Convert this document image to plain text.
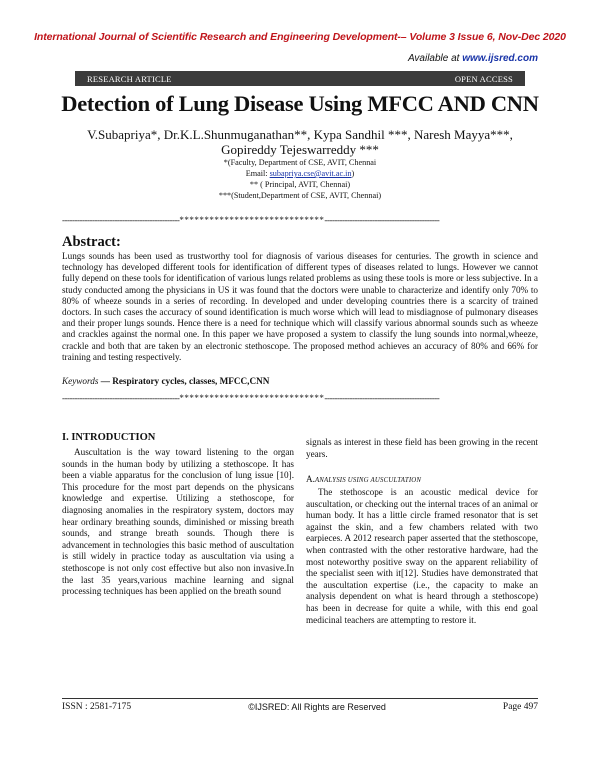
International Journal of Scientific Research and Engineering Development-– Volume 3 Issue 6, Nov-Dec 2020
Available at www.ijsred.com
RESEARCH ARTICLE	OPEN ACCESS
Detection of Lung Disease Using MFCC AND CNN
V.Subapriya*, Dr.K.L.Shunmuganathan**, Kypa Sandhil ***, Naresh Mayya***,
Gopireddy Tejeswarreddy ***
*(Faculty, Department of CSE, AVIT, Chennai
Email: subapriya.cse@avit.ac.in)
** ( Principal, AVIT, Chennai)
***(Student,Department of CSE, AVIT, Chennai)
-----------------------------------------------*****************************----------------------------------------------
Abstract:
Lungs sounds has been used as trustworthy tool for diagnosis of various diseases for centuries. The growth in science and technology has developed different tools for identification of different types of diseases related to lungs. However we cannot fully depend on these tools for identification of various lungs related problems as using these tools is more or less subjective. In a study conducted among the physicians in US it was found that the doctors were unable to characterize and identify only 70% to 80% of wheeze sounds in a series of recording. In developed and under developing countries there is a scarcity of trained doctors. In such cases the accuracy of sound identification is much worse which will lead to misdiagnose of pulmonary diseases and their proper lungs sounds. Hence there is a need for technique which will classify various abnormal sounds such as wheeze and crackles against the normal one. In this paper we have proposed a system to classify the lung sounds into normal,wheeze, crackle and both that are taken by an electronic stethoscope. The proposed method achieves an accuracy of 80% and 66% for training and testing respectively.
Keywords — Respiratory cycles, classes, MFCC,CNN
-----------------------------------------------*****************************----------------------------------------------
I. INTRODUCTION

Auscultation is the way toward listening to the organ sounds in the human body by utilizing a stethoscope. It has been a viable apparatus for the conclusion of lung issue [10]. This procedure for the most part depends on the physicans knowledge and expertise. Utilizing a stethoscope, for diagnosing anomalies in the respiratory system, doctors may hear ordinary breathing sounds, diminished or missing breath sounds, and strange breath sounds. Though there is advancement in technologies this basic method of auscultation is still widely in practice today as auscultation via using a stethoscope is not only cost effective but also non invasive.In the last 35 years,various machine learning and signal processing techniques has been applied on the breath sound

signals as interest in these field has been growing in the recent years.

A.ANALYSIS USING AUSCULTATION

The stethoscope is an acoustic medical device for auscultation, or checking out the internal traces of an animal or human body. It has a little circle framed resonator that is set against the skin, and a few chambers related with two earpieces. A 2012 research paper asserted that the stethoscope, when contrasted with the other restorative hardware, had the most noteworthy positive sway on the apparent reliability of the specialist seen with it[12]. Studies have demonstrated that the auscultation expertise (i.e., the capacity to make an analysis dependent on what is heard through a stethoscope) has been in decrease for quite a while, with this end goal medicinal teachers are attempting to restore it.

ISSN : 2581-7175	©IJSRED: All Rights are Reserved	Page 497
